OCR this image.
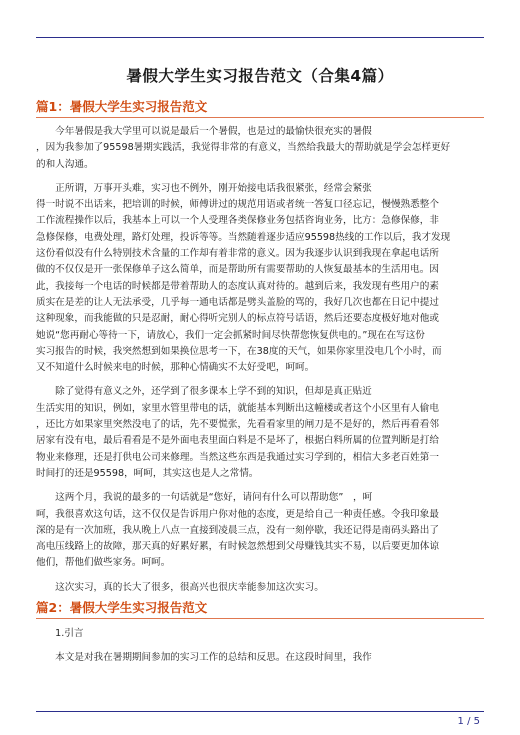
暑假大学生实习报告范文（合集4篇）
篇1：暑假大学生实习报告范文

　　今年暑假是我大学里可以说是最后一个暑假，也是过的最愉快很充实的暑假

，因为我参加了95598暑期实践活，我觉得非常的有意义，当然给我最大的帮助就是学会怎样更好

的和人沟通。

　　正所谓，万事开头难，实习也不例外，刚开始接电话我很紧张，经常会紧张

得一时说不出话来，把培训的时候，师傅讲过的规范用语或者统一答复口径忘记，慢慢熟悉整个

工作流程操作以后，我基本上可以一个人受理各类保修业务包括咨询业务，比方：急修保修，非

急修保修，电费处理，路灯处理，投诉等等。当然随着逐步适应95598热线的工作以后，我才发现

这份看似没有什么特别技术含量的工作却有着非常的意义。因为我逐步认识到我现在拿起电话所

做的不仅仅是开一张保修单子这么简单，而是帮助所有需要帮助的人恢复最基本的生活用电。因

此，我接每一个电话的时候都是带着帮助人的态度认真对待的。越到后来，我发现有些用户的素

质实在是差的让人无法承受，几乎每一通电话都是劈头盖脸的骂的，我好几次也都在日记中提过

这种现象，而我能做的只是忍耐，耐心得听完别人的标点符号话语，然后还要态度极好地对他或

她说“您再耐心等待一下，请放心，我们一定会抓紧时间尽快帮您恢复供电的。”现在在写这份

实习报告的时候，我突然想到如果换位思考一下，在38度的天气，如果你家里没电几个小时，而

又不知道什么时候来电的时候，那种心情确实不太好受吧，呵呵。

　　除了觉得有意义之外，还学到了很多课本上学不到的知识，但却是真正贴近

生活实用的知识，例如，家里水管里带电的话，就能基本判断出这幢楼或者这个小区里有人偷电

，还比方如果家里突然没电了的话，先不要慌张，先看看家里的闸刀是不是好的，然后再看看邻

居家有没有电，最后看看是不是外面电表里面白料是不是坏了，根据白料所属的位置判断是打给

物业来修理，还是打供电公司来修理。当然这些东西是我通过实习学到的，相信大多老百姓第一

时间打的还是95598，呵呵，其实这也是人之常情。

　　这两个月，我说的最多的一句话就是“您好，请问有什么可以帮助您”　，呵

呵，我很喜欢这句话，这不仅仅是告诉用户你对他的态度，更是给自己一种责任感。令我印象最

深的是有一次加班，我从晚上八点一直接到凌晨三点，没有一刻停歇，我还记得是南码头路出了

高电压线路上的故障，那天真的好累好累，有时候忽然想到父母赚钱其实不易，以后要更加体谅

他们，帮他们做些家务。呵呵。

　　这次实习，真的长大了很多，很高兴也很庆幸能参加这次实习。

篇2：暑假大学生实习报告范文

　　1.引言

　　本文是对我在暑期期间参加的实习工作的总结和反思。在这段时间里，我作

1 / 5
